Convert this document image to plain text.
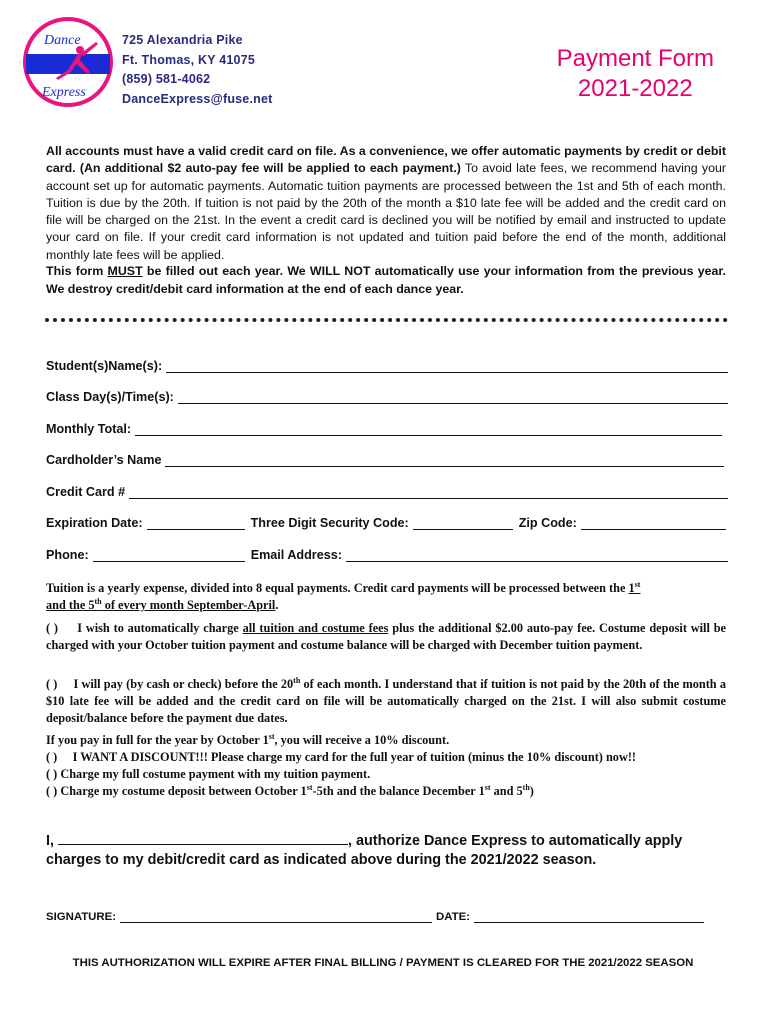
Dance
Express
725 Alexandria Pike
Ft. Thomas, KY 41075
(859) 581-4062
DanceExpress@fuse.net
Payment Form
2021-2022
All accounts must have a valid credit card on file. As a convenience, we offer automatic payments by credit or debit card. (An additional $2 auto-pay fee will be applied to each payment.) To avoid late fees, we recommend having your account set up for automatic payments. Automatic tuition payments are processed between the 1st and 5th of each month. Tuition is due by the 20th. If tuition is not paid by the 20th of the month a $10 late fee will be added and the credit card on file will be charged on the 21st. In the event a credit card is declined you will be notified by email and instructed to update your card on file. If your credit card information is not updated and tuition paid before the end of the month, additional monthly late fees will be applied.
This form MUST be filled out each year. We WILL NOT automatically use your information from the previous year. We destroy credit/debit card information at the end of each dance year.
Student(s)Name(s):
Class Day(s)/Time(s):
Monthly Total:
Cardholder’s Name
Credit Card #
Expiration Date:	Three Digit Security Code:	Zip Code:
Phone:	Email Address:
Tuition is a yearly expense, divided into 8 equal payments. Credit card payments will be processed between the 1st
and the 5th of every month September-April.
( ) I wish to automatically charge all tuition and costume fees plus the additional $2.00 auto-pay fee. Costume deposit will be charged with your October tuition payment and costume balance will be charged with December tuition payment.
( ) I will pay (by cash or check) before the 20th of each month. I understand that if tuition is not paid by the 20th of the month a $10 late fee will be added and the credit card on file will be automatically charged on the 21st. I will also submit costume deposit/balance before the payment due dates.
If you pay in full for the year by October 1st, you will receive a 10% discount.
( ) I WANT A DISCOUNT!!! Please charge my card for the full year of tuition (minus the 10% discount) now!!
( ) Charge my full costume payment with my tuition payment.
( ) Charge my costume deposit between October 1st-5th and the balance December 1st and 5th)
I,	, authorize Dance Express to automatically apply charges to my debit/credit card as indicated above during the 2021/2022 season.
SIGNATURE:	DATE:
THIS AUTHORIZATION WILL EXPIRE AFTER FINAL BILLING / PAYMENT IS CLEARED FOR THE 2021/2022 SEASON
